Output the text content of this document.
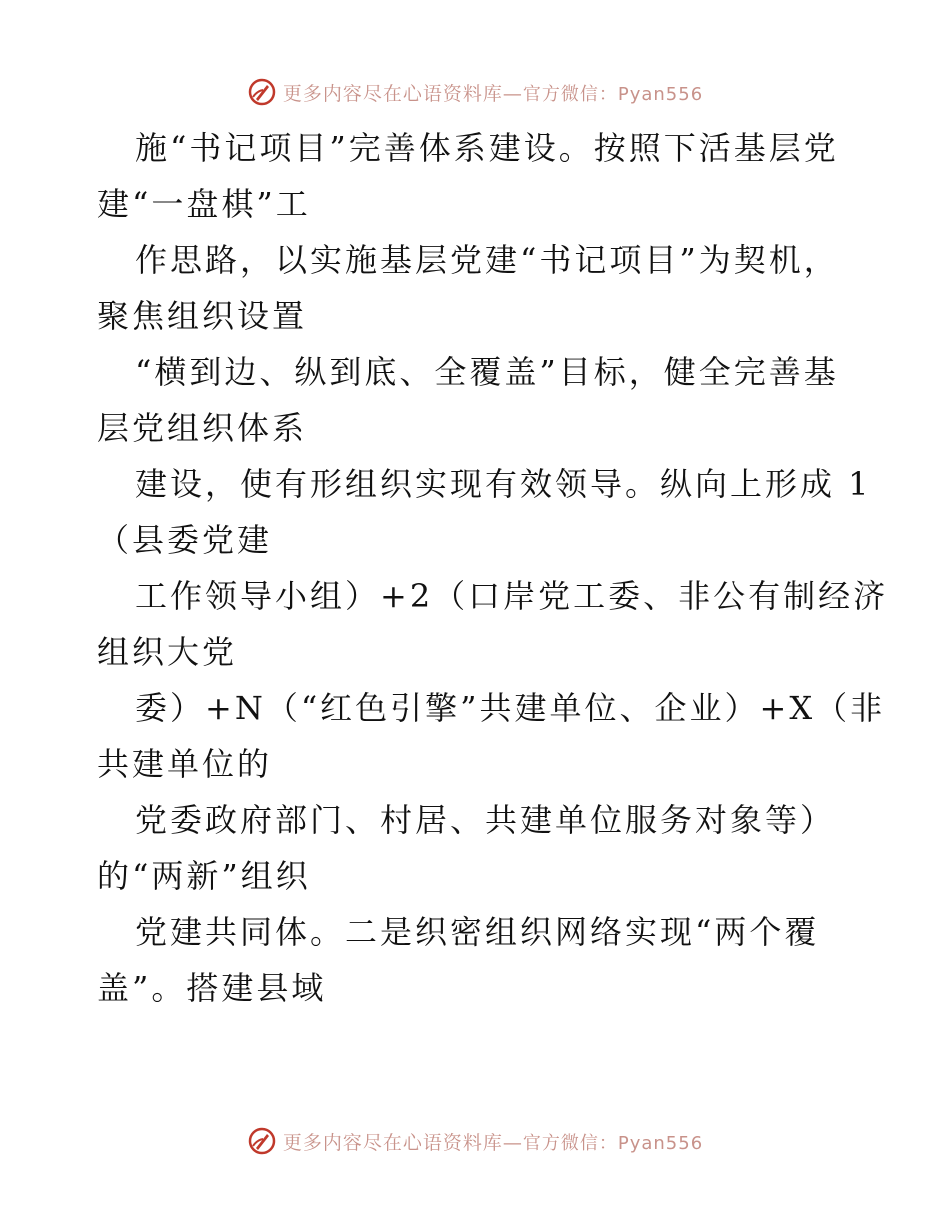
更多内容尽在心语资料库—官方微信：Pyan556

施“书记项目”完善体系建设。按照下活基层党
建“一盘棋”工

作思路，以实施基层党建“书记项目”为契机，
聚焦组织设置

“横到边、纵到底、全覆盖”目标，健全完善基
层党组织体系

建设，使有形组织实现有效领导。纵向上形成 1
（县委党建

工作领导小组）+2（口岸党工委、非公有制经济
组织大党

委）+N（“红色引擎”共建单位、企业）+X（非
共建单位的

党委政府部门、村居、共建单位服务对象等）
的“两新”组织

党建共同体。二是织密组织网络实现“两个覆
盖”。搭建县域

更多内容尽在心语资料库—官方微信：Pyan556
